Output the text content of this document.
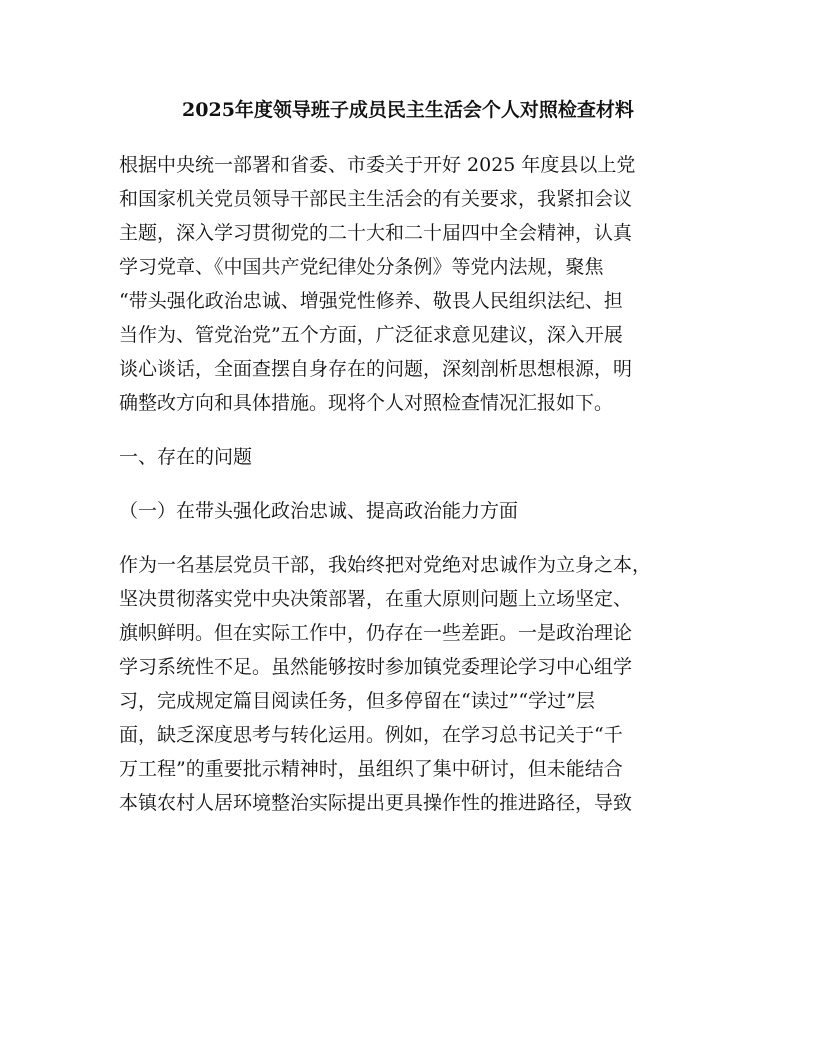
2025年度领导班子成员民主生活会个人对照检查材料

根据中央统一部署和省委、市委关于开好 2025 年度县以上党

和国家机关党员领导干部民主生活会的有关要求，我紧扣会议

主题，深入学习贯彻党的二十大和二十届四中全会精神，认真

学习党章、《中国共产党纪律处分条例》等党内法规，聚焦

“带头强化政治忠诚、增强党性修养、敬畏人民组织法纪、担

当作为、管党治党”五个方面，广泛征求意见建议，深入开展

谈心谈话，全面查摆自身存在的问题，深刻剖析思想根源，明

确整改方向和具体措施。现将个人对照检查情况汇报如下。

一、存在的问题

（一）在带头强化政治忠诚、提高政治能力方面

作为一名基层党员干部，我始终把对党绝对忠诚作为立身之本，

坚决贯彻落实党中央决策部署，在重大原则问题上立场坚定、

旗帜鲜明。但在实际工作中，仍存在一些差距。一是政治理论

学习系统性不足。虽然能够按时参加镇党委理论学习中心组学

习，完成规定篇目阅读任务，但多停留在“读过”“学过”层

面，缺乏深度思考与转化运用。例如，在学习总书记关于“千

万工程”的重要批示精神时，虽组织了集中研讨，但未能结合

本镇农村人居环境整治实际提出更具操作性的推进路径，导致
